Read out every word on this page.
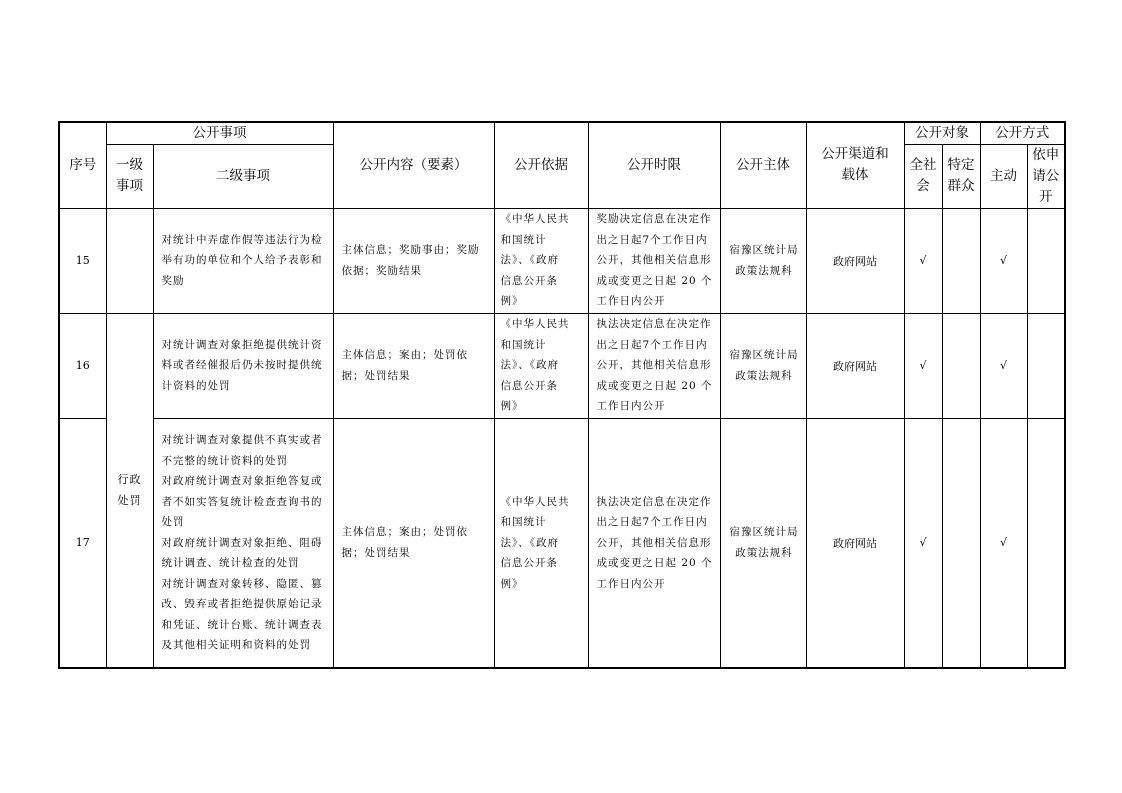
序号	公开事项		公开内容（要素）	公开依据	公开时限	公开主体	公开渠道和载体	公开对象		公开方式	

	一级事项	二级事项						全社会	特定群众	主动	依申请公开

15		对统计中弄虚作假等违法行为检举有功的单位和个人给予表彰和奖励	主体信息；奖励事由；奖励依据；奖励结果	《中华人民共
和国统计
法》、《政府
信息公开条
例》	奖励决定信息在决定作出之日起7个工作日内公开，其他相关信息形成或变更之日起 20 个工作日内公开	宿豫区统计局政策法规科	政府网站	√		√	
16	行政处罚	对统计调查对象拒绝提供统计资料或者经催报后仍未按时提供统计资料的处罚	主体信息；案由；处罚依据；处罚结果	《中华人民共
和国统计
法》、《政府
信息公开条
例》	执法决定信息在决定作出之日起7个工作日内公开，其他相关信息形成或变更之日起 20 个工作日内公开	宿豫区统计局政策法规科	政府网站	√		√	
17		对统计调查对象提供不真实或者不完整的统计资料的处罚
对政府统计调查对象拒绝答复或者不如实答复统计检查查询书的处罚
对政府统计调查对象拒绝、阻碍统计调查、统计检查的处罚
对统计调查对象转移、隐匿、篡改、毁弃或者拒绝提供原始记录和凭证、统计台账、统计调查表及其他相关证明和资料的处罚	主体信息；案由；处罚依据；处罚结果	《中华人民共
和国统计
法》、《政府
信息公开条
例》	执法决定信息在决定作出之日起7个工作日内公开，其他相关信息形成或变更之日起 20 个工作日内公开	宿豫区统计局政策法规科	政府网站	√		√	
